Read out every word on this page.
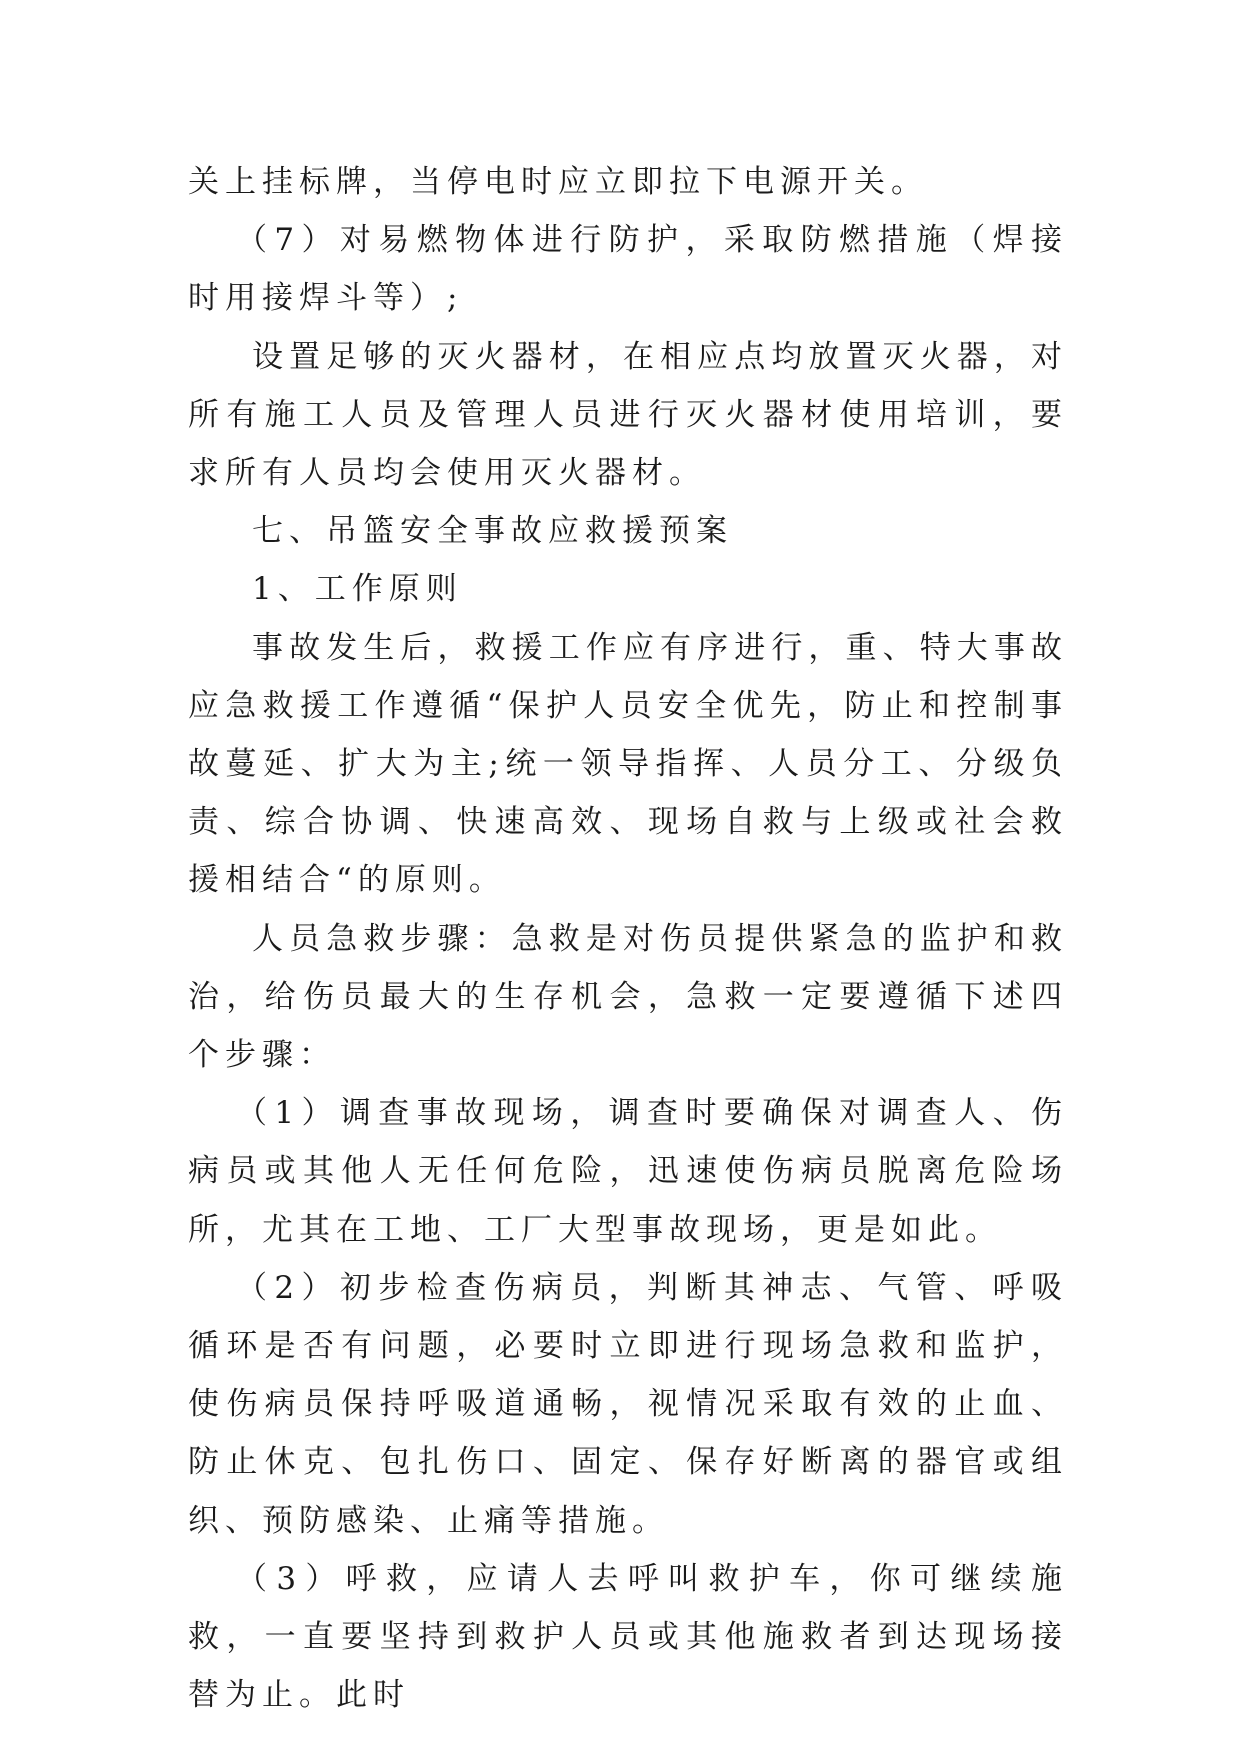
关上挂标牌，当停电时应立即拉下电源开关。

（7）对易燃物体进行防护，采取防燃措施（焊接时用接焊斗等）;

设置足够的灭火器材，在相应点均放置灭火器，对所有施工人员及管理人员进行灭火器材使用培训，要求所有人员均会使用灭火器材。

七、吊篮安全事故应救援预案

1、工作原则

事故发生后，救援工作应有序进行，重、特大事故应急救援工作遵循“保护人员安全优先，防止和控制事故蔓延、扩大为主;统一领导指挥、人员分工、分级负责、综合协调、快速高效、现场自救与上级或社会救援相结合“的原则。

人员急救步骤：急救是对伤员提供紧急的监护和救治，给伤员最大的生存机会，急救一定要遵循下述四个步骤：

（1）调查事故现场，调查时要确保对调查人、伤病员或其他人无任何危险，迅速使伤病员脱离危险场所，尤其在工地、工厂大型事故现场，更是如此。

（2）初步检查伤病员，判断其神志、气管、呼吸循环是否有问题，必要时立即进行现场急救和监护，使伤病员保持呼吸道通畅，视情况采取有效的止血、防止休克、包扎伤口、固定、保存好断离的器官或组织、预防感染、止痛等措施。

（3）呼救，应请人去呼叫救护车，你可继续施救，一直要坚持到救护人员或其他施救者到达现场接替为止。此时
